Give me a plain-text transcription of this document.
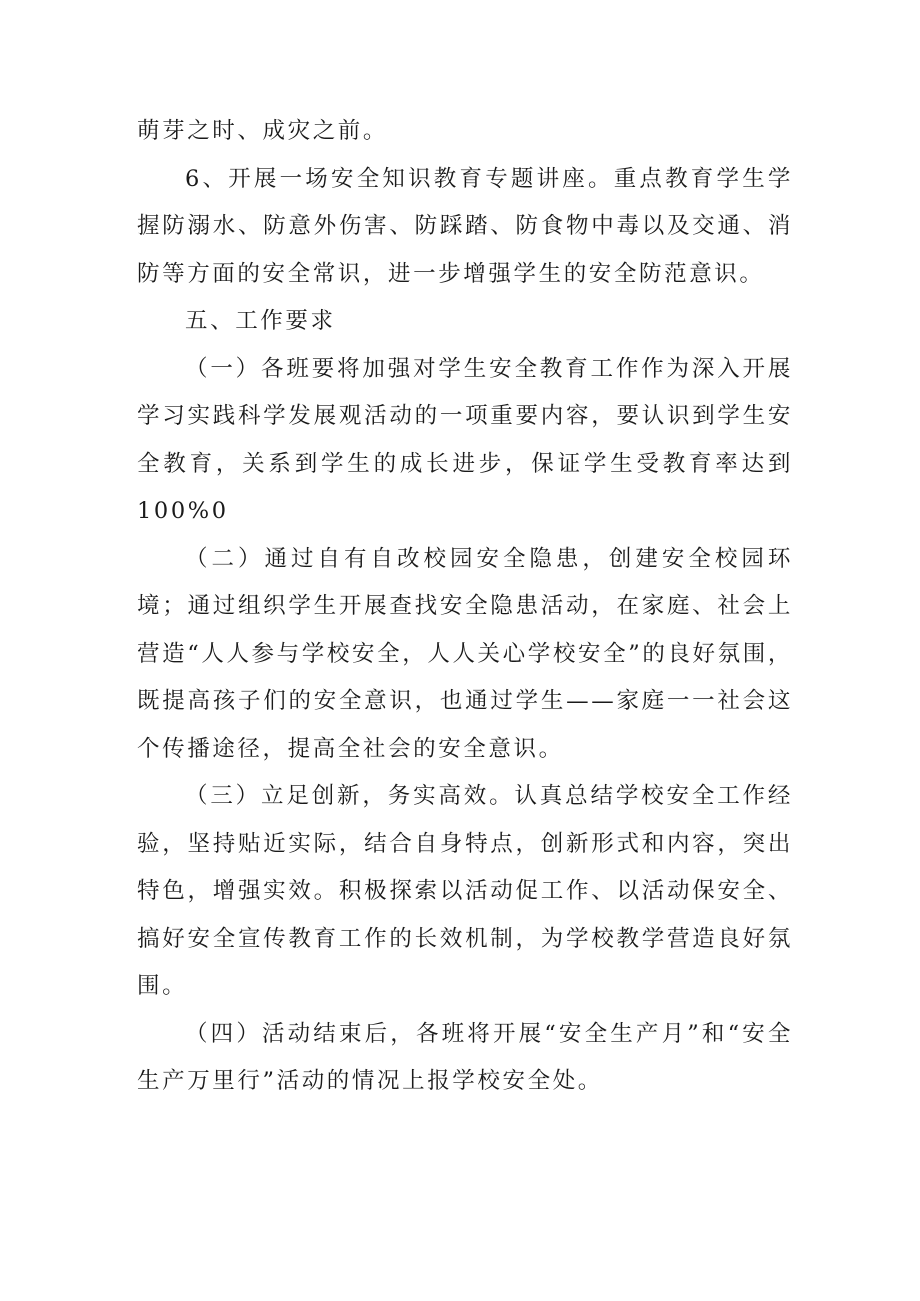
萌芽之时、成灾之前。

6、开展一场安全知识教育专题讲座。重点教育学生学握防溺水、防意外伤害、防踩踏、防食物中毒以及交通、消防等方面的安全常识，进一步增强学生的安全防范意识。

五、工作要求

（一）各班要将加强对学生安全教育工作作为深入开展学习实践科学发展观活动的一项重要内容，要认识到学生安全教育，关系到学生的成长进步，保证学生受教育率达到100%0

（二）通过自有自改校园安全隐患，创建安全校园环境；通过组织学生开展查找安全隐患活动，在家庭、社会上营造“人人参与学校安全，人人关心学校安全”的良好氛围，既提高孩子们的安全意识，也通过学生——家庭一一社会这个传播途径，提高全社会的安全意识。

（三）立足创新，务实高效。认真总结学校安全工作经验，坚持贴近实际，结合自身特点，创新形式和内容，突出特色，增强实效。积极探索以活动促工作、以活动保安全、搞好安全宣传教育工作的长效机制，为学校教学营造良好氛围。

（四）活动结束后，各班将开展“安全生产月”和“安全生产万里行”活动的情况上报学校安全处。
